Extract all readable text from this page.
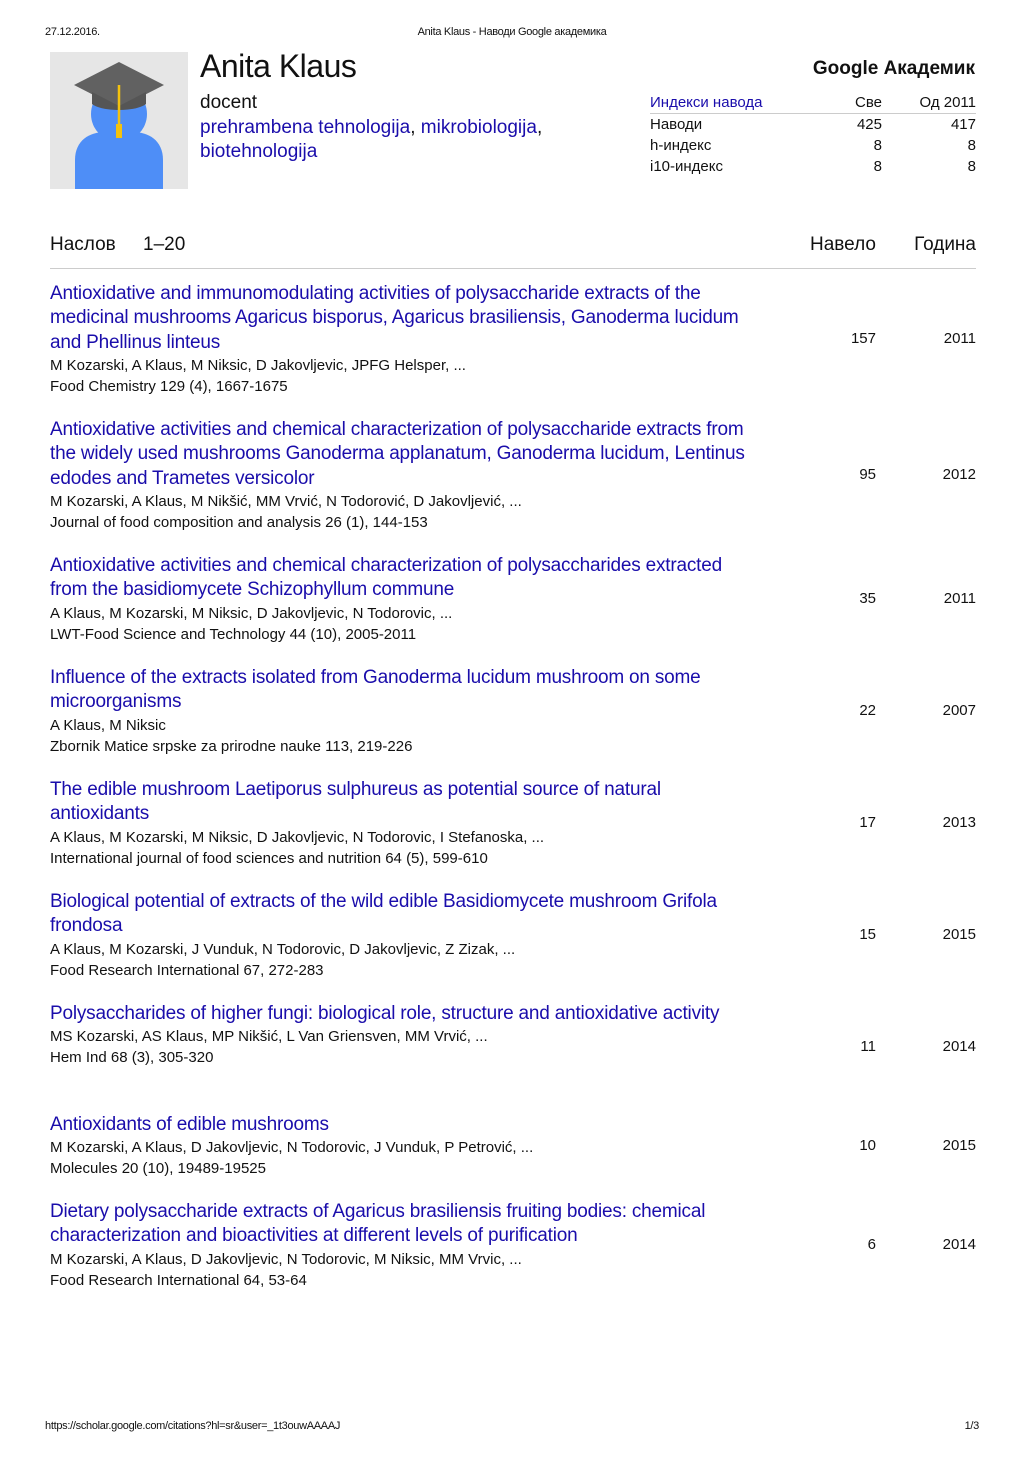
27.12.2016.	Anita Klaus - Наводи Google академика
Anita Klaus
docent
prehrambena tehnologija, mikrobiologija,
biotehnologija
Google Академик
Индекси навода	Све	Од 2011
Наводи	425	417
h-индекс	8	8
i10-индекс	8	8
Наслов 1–20	Навело Година
Antioxidative and immunomodulating activities of polysaccharide extracts of the medicinal mushrooms Agaricus bisporus, Agaricus brasiliensis, Ganoderma lucidum and Phellinus linteus
M Kozarski, A Klaus, M Niksic, D Jakovljevic, JPFG Helsper, ...
Food Chemistry 129 (4), 1667-1675
157	2011
Antioxidative activities and chemical characterization of polysaccharide extracts from the widely used mushrooms Ganoderma applanatum, Ganoderma lucidum, Lentinus edodes and Trametes versicolor
M Kozarski, A Klaus, M Nikšić, MM Vrvić, N Todorović, D Jakovljević, ...
Journal of food composition and analysis 26 (1), 144-153
95	2012
Antioxidative activities and chemical characterization of polysaccharides extracted from the basidiomycete Schizophyllum commune
A Klaus, M Kozarski, M Niksic, D Jakovljevic, N Todorovic, ...
LWT-Food Science and Technology 44 (10), 2005-2011
35	2011
Influence of the extracts isolated from Ganoderma lucidum mushroom on some microorganisms
A Klaus, M Niksic
Zbornik Matice srpske za prirodne nauke 113, 219-226
22	2007
The edible mushroom Laetiporus sulphureus as potential source of natural antioxidants
A Klaus, M Kozarski, M Niksic, D Jakovljevic, N Todorovic, I Stefanoska, ...
International journal of food sciences and nutrition 64 (5), 599-610
17	2013
Biological potential of extracts of the wild edible Basidiomycete mushroom Grifola frondosa
A Klaus, M Kozarski, J Vunduk, N Todorovic, D Jakovljevic, Z Zizak, ...
Food Research International 67, 272-283
15	2015
Polysaccharides of higher fungi: biological role, structure and antioxidative activity
MS Kozarski, AS Klaus, MP Nikšić, L Van Griensven, MM Vrvić, ...
Hem Ind 68 (3), 305-320
11	2014
Antioxidants of edible mushrooms
M Kozarski, A Klaus, D Jakovljevic, N Todorovic, J Vunduk, P Petrović, ...
Molecules 20 (10), 19489-19525
10	2015
Dietary polysaccharide extracts of Agaricus brasiliensis fruiting bodies: chemical characterization and bioactivities at different levels of purification
M Kozarski, A Klaus, D Jakovljevic, N Todorovic, M Niksic, MM Vrvic, ...
Food Research International 64, 53-64
6	2014
https://scholar.google.com/citations?hl=sr&user=_1t3ouwAAAAJ	1/3
